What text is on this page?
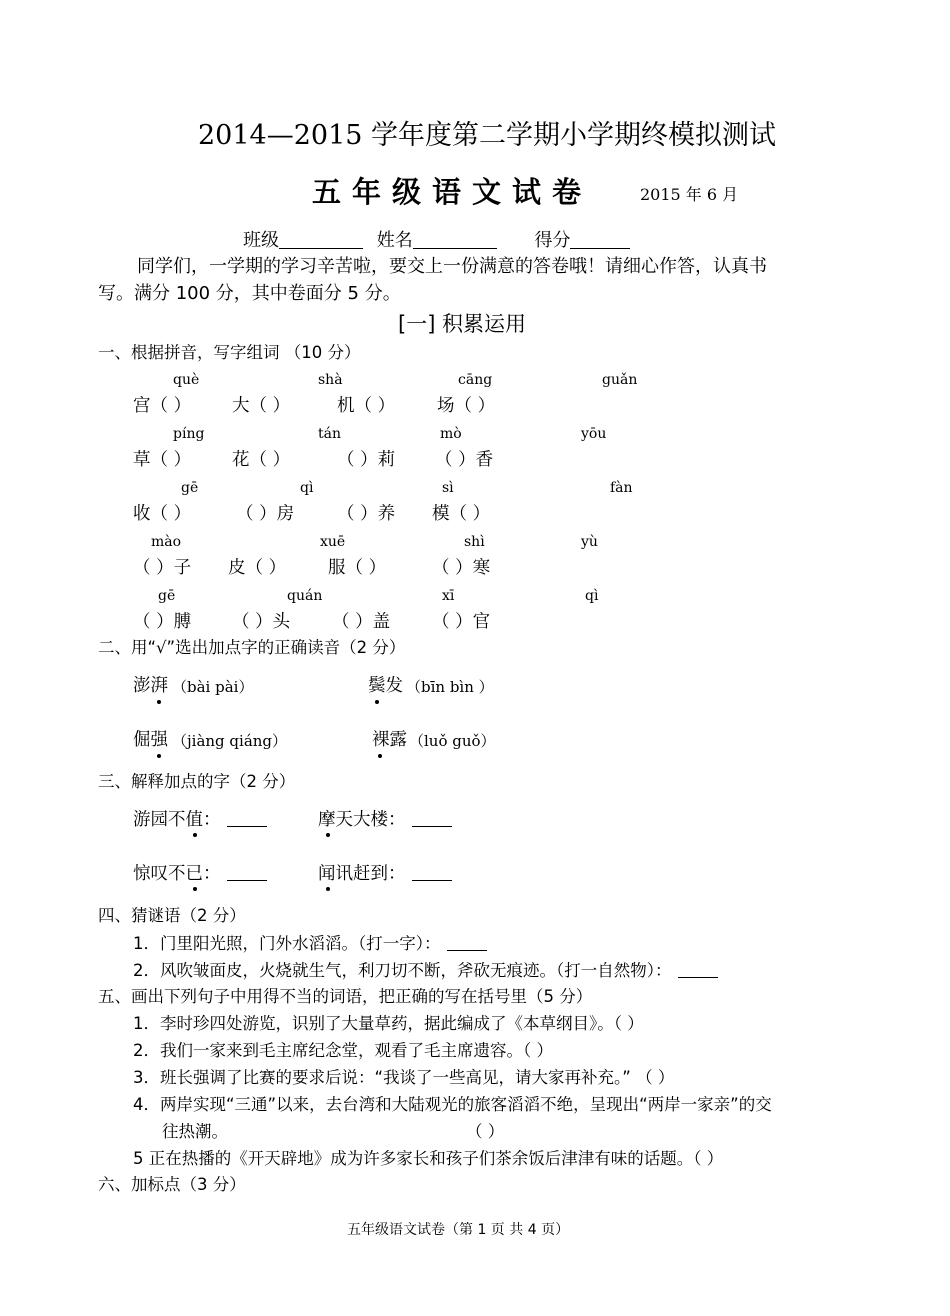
2014—2015 学年度第二学期小学期终模拟测试
五年级语文试卷	2015 年 6 月
班级	姓名	得分
同学们，一学期的学习辛苦啦，要交上一份满意的答卷哦！请细心作答，认真书
写。满分 100 分，其中卷面分 5 分。
[一] 积累运用
一、根据拼音，写字组词 （10 分）
què	shà	cāng	guǎn
宫（ ） 大（ ）	机（ ） 场（ ）
píng	tán	mò	yōu
草（ ） 花（ ）	（ ）莉 （ ）香
gē	qì	sì	fàn
收（ ）	（ ）房 （ ）养 模（ ）
mào	xuē	shì	yù
（ ）子 皮（ ） 服（ ）	（ ）寒
gē	quán	xī	qì
（ ）膊 （ ）头 （ ）盖 （ ）官
二、用“√”选出加点字的正确读音（2 分）
澎湃 （bài pài）	鬓发 （bīn bìn ）
倔强 （jiàng qiáng）	裸露 （luǒ guǒ）
三、解释加点的字（2 分）
游园不值：	摩天大楼：
惊叹不已：	闻讯赶到：
四、猜谜语（2 分）
1．门里阳光照，门外水滔滔。（打一字）：
2．风吹皱面皮，火烧就生气，利刀切不断，斧砍无痕迹。（打一自然物）：
五、画出下列句子中用得不当的词语，把正确的写在括号里（5 分）
1．李时珍四处游览，识别了大量草药，据此编成了《本草纲目》。（ ）
2．我们一家来到毛主席纪念堂，观看了毛主席遗容。（ ）
3．班长强调了比赛的要求后说：“我谈了一些高见，请大家再补充。” （ ）
4．两岸实现“三通”以来，去台湾和大陆观光的旅客滔滔不绝，呈现出“两岸一家亲”的交
往热潮。	（ ）
5 正在热播的《开天辟地》成为许多家长和孩子们茶余饭后津津有味的话题。（ ）
六、加标点（3 分）
五年级语文试卷（第 1 页 共 4 页）
